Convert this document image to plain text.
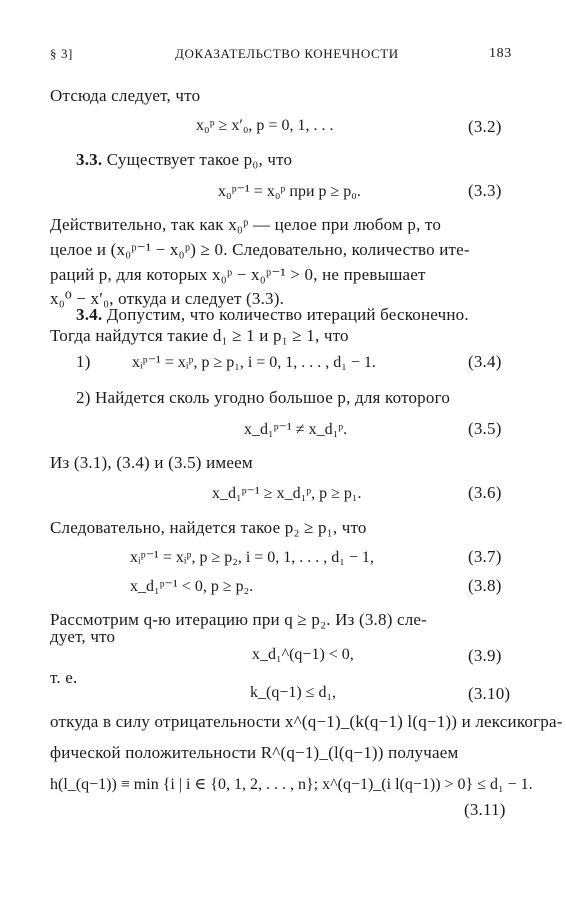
§ 3]	ДОКАЗАТЕЛЬСТВО КОНЕЧНОСТИ	183
Отсюда следует, что
x₀ᵖ ≥ x′₀, p = 0, 1, . . .	(3.2)
3.3. Существует такое p₀, что
x₀ᵖ⁻¹ = x₀ᵖ при p ≥ p₀.	(3.3)
Действительно, так как x₀ᵖ — целое при любом p, то
целое и (x₀ᵖ⁻¹ − x₀ᵖ) ≥ 0. Следовательно, количество ите-
раций p, для которых x₀ᵖ − x₀ᵖ⁻¹ > 0, не превышает
x₀⁰ − x′₀, откуда и следует (3.3).
3.4. Допустим, что количество итераций бесконечно.
Тогда найдутся такие d₁ ≥ 1 и p₁ ≥ 1, что
1)	xᵢᵖ⁻¹ = xᵢᵖ, p ≥ p₁, i = 0, 1, . . . , d₁ − 1.	(3.4)
2) Найдется сколь угодно большое p, для которого
x_d₁ᵖ⁻¹ ≠ x_d₁ᵖ.	(3.5)
Из (3.1), (3.4) и (3.5) имеем
x_d₁ᵖ⁻¹ ≥ x_d₁ᵖ, p ≥ p₁.	(3.6)
Следовательно, найдется такое p₂ ≥ p₁, что
xᵢᵖ⁻¹ = xᵢᵖ, p ≥ p₂, i = 0, 1, . . . , d₁ − 1,	(3.7)
x_d₁ᵖ⁻¹ < 0, p ≥ p₂.	(3.8)
Рассмотрим q-ю итерацию при q ≥ p₂. Из (3.8) сле-
дует, что
x_d₁^(q−1) < 0,	(3.9)
т. е.
k_(q−1) ≤ d₁,	(3.10)
откуда в силу отрицательности x^(q−1)_(k(q−1) l(q−1)) и лексикогра-
фической положительности R^(q−1)_(l(q−1)) получаем
h(l_(q−1)) ≡ min {i | i ∈ {0, 1, 2, . . . , n}; x^(q−1)_(i l(q−1)) > 0} ≤ d₁ − 1.
(3.11)
